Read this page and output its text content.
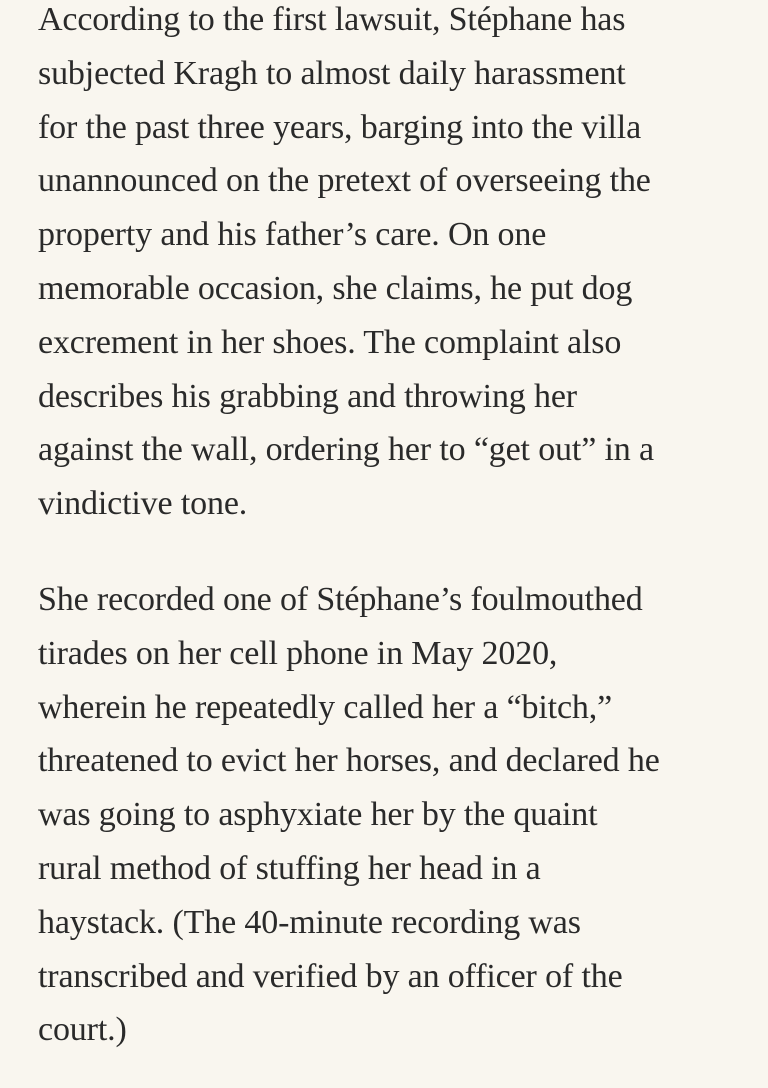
According to the first lawsuit, Stéphane has
subjected Kragh to almost daily harassment
for the past three years, barging into the villa
unannounced on the pretext of overseeing the
property and his father’s care. On one
memorable occasion, she claims, he put dog
excrement in her shoes. The complaint also
describes his grabbing and throwing her
against the wall, ordering her to “get out” in a
vindictive tone.

She recorded one of Stéphane’s foulmouthed
tirades on her cell phone in May 2020,
wherein he repeatedly called her a “bitch,”
threatened to evict her horses, and declared he
was going to asphyxiate her by the quaint
rural method of stuffing her head in a
haystack. (The 40-minute recording was
transcribed and verified by an officer of the
court.)
